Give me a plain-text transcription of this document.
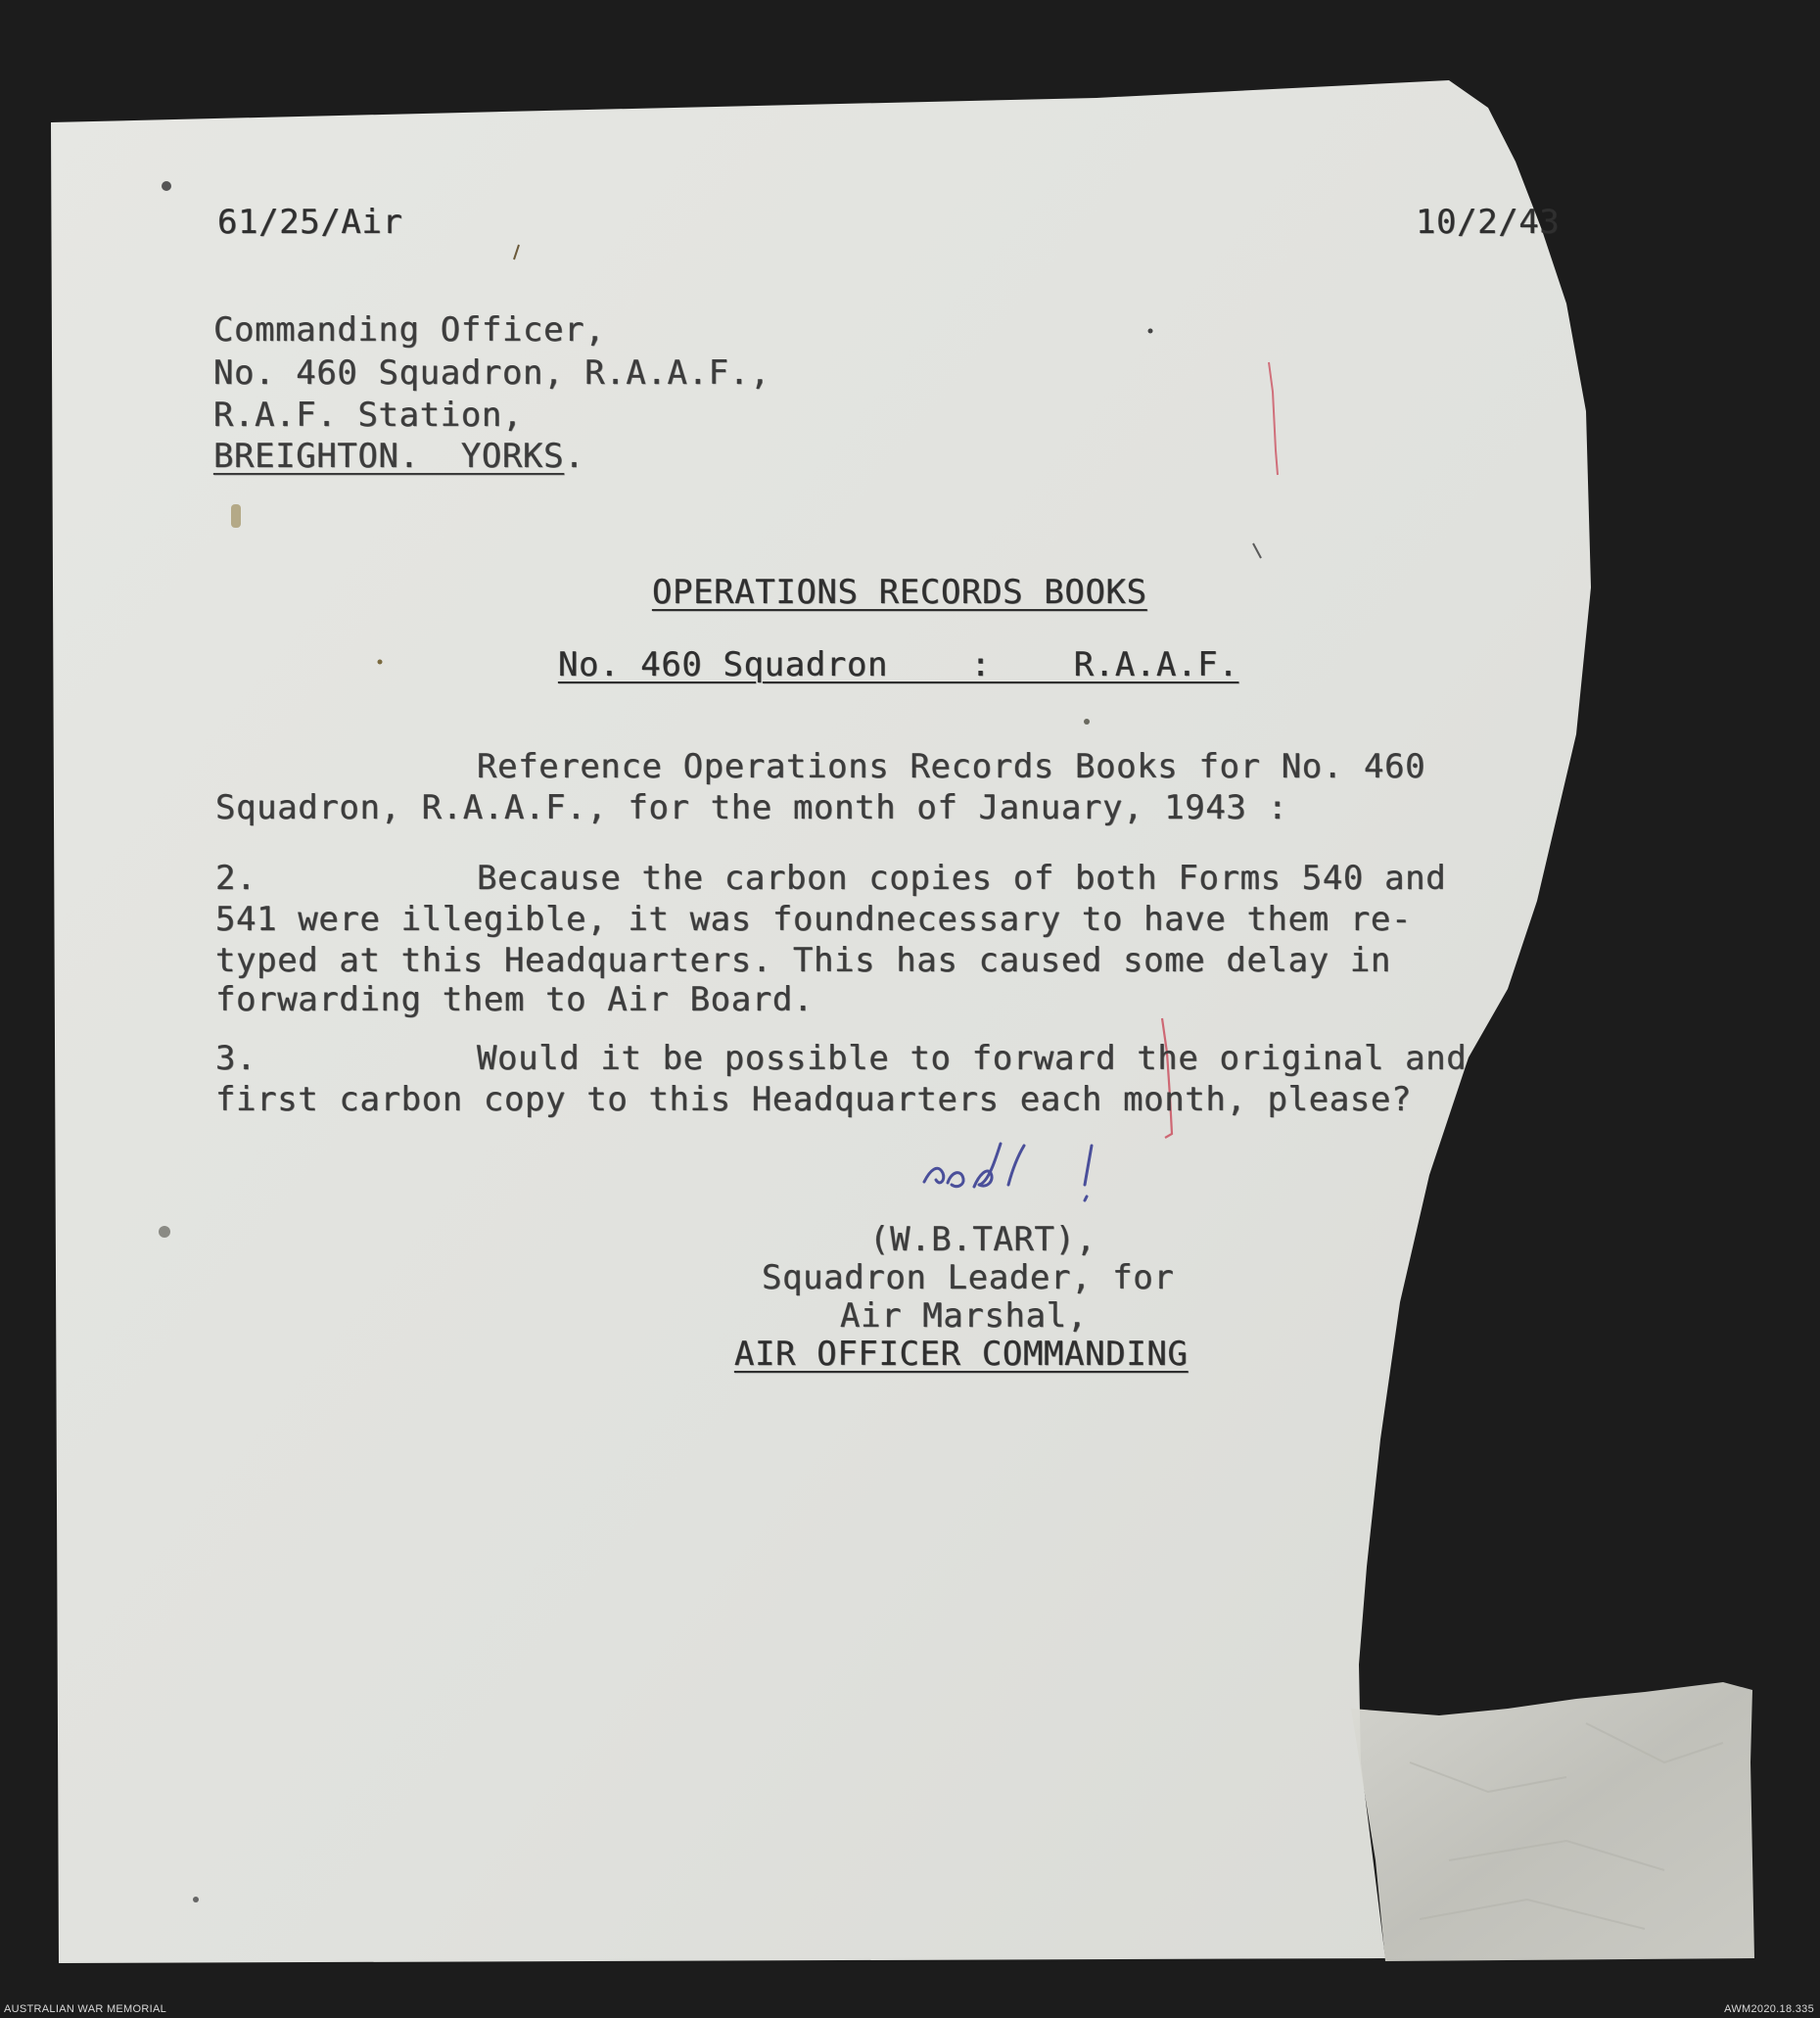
61/25/Air	10/2/43
Commanding Officer,
No. 460 Squadron, R.A.A.F.,
R.A.F. Station,
BREIGHTON.  YORKS.
OPERATIONS RECORDS BOOKS
No. 460 Squadron    :    R.A.A.F.
Reference Operations Records Books for No. 460
Squadron, R.A.A.F., for the month of January, 1943 :
2.	Because the carbon copies of both Forms 540 and
541 were illegible, it was foundnecessary to have them re-
typed at this Headquarters. This has caused some delay in
forwarding them to Air Board.
3.	Would it be possible to forward the original and
first carbon copy to this Headquarters each month, please?
(W.B.TART),
Squadron Leader, for
Air Marshal,
AIR OFFICER COMMANDING
AUSTRALIAN WAR MEMORIAL	AWM2020.18.335
